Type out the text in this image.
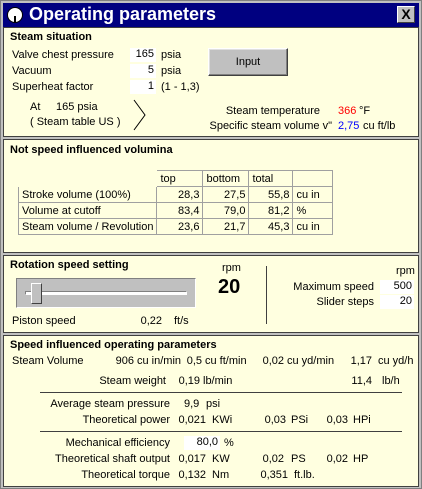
Operating parameters	X
Steam situation
Valve chest pressure	165 psia
Vacuum	5 psia
Superheat factor	1 (1 - 1,3)
Input
At 165 psia
( Steam table US )
Steam temperature 366 °F
Specific steam volume v" 2,75 cu ft/lb
Not speed influenced volumina
	top	bottom	total	
Stroke volume (100%)	28,3	27,5	55,8	cu in
Volume at cutoff	83,4	79,0	81,2	%
Steam volume / Revolution	23,6	21,7	45,3	cu in
Rotation speed setting	rpm
20
Piston speed	0,22 ft/s
rpm
Maximum speed	500
Slider steps	20
Speed influenced operating parameters
Steam Volume	906 cu in/min 0,5 cu ft/min 0,02 cu yd/min	1,17 cu yd/h
Steam weight	0,19 lb/min	11,4 lb/h
Average steam pressure 9,9 psi
Theoretical power 0,021 KWi	0,03 PSi	0,03 HPi
Mechanical efficiency	80,0 %
Theoretical shaft output 0,017 KW	0,02 PS	0,02 HP
Theoretical torque 0,132 Nm	0,351 ft.lb.
